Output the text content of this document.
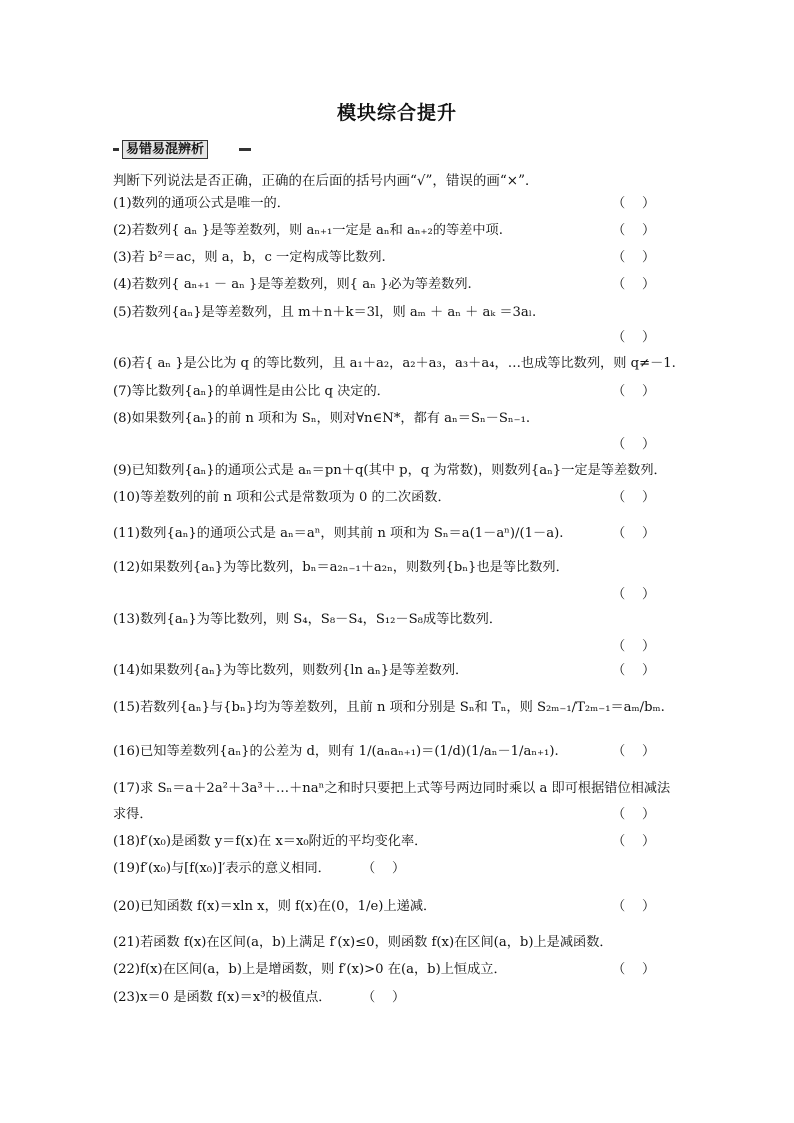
模块综合提升
易错易混辨析
判断下列说法是否正确，正确的在后面的括号内画“√”，错误的画“×”．
(1)数列的通项公式是唯一的．
(2)若数列{ aₙ }是等差数列，则 aₙ₊₁一定是 aₙ和 aₙ₊₂的等差中项.
(3)若 b²＝ac，则 a，b，c 一定构成等比数列.
(4)若数列{ aₙ₊₁ － aₙ }是等差数列，则{ aₙ }必为等差数列.
(5)若数列{aₙ}是等差数列，且 m＋n＋k＝3l，则 aₘ ＋ aₙ ＋ aₖ ＝3aₗ.
(6)若{ aₙ }是公比为 q 的等比数列，且 a₁＋a₂，a₂＋a₃，a₃＋a₄，…也成等比数列，则 q≠－1.
(7)等比数列{aₙ}的单调性是由公比 q 决定的．
(8)如果数列{aₙ}的前 n 项和为 Sₙ，则对∀n∈N*，都有 aₙ＝Sₙ－Sₙ₋₁.
(9)已知数列{aₙ}的通项公式是 aₙ＝pn＋q(其中 p，q 为常数)，则数列{aₙ}一定是等差数列．
(10)等差数列的前 n 项和公式是常数项为 0 的二次函数．
(11)数列{aₙ}的通项公式是 aₙ＝aⁿ，则其前 n 项和为 Sₙ＝a(1－aⁿ)/(1－a).
(12)如果数列{aₙ}为等比数列，bₙ＝a₂ₙ₋₁＋a₂ₙ，则数列{bₙ}也是等比数列．
(13)数列{aₙ}为等比数列，则 S₄，S₈－S₄，S₁₂－S₈成等比数列．
(14)如果数列{aₙ}为等比数列，则数列{ln aₙ}是等差数列．
(15)若数列{aₙ}与{bₙ}均为等差数列，且前 n 项和分别是 Sₙ和 Tₙ，则 S₂ₘ₋₁/T₂ₘ₋₁＝aₘ/bₘ.
(16)已知等差数列{aₙ}的公差为 d，则有 1/(aₙaₙ₊₁)＝(1/d)(1/aₙ－1/aₙ₊₁).
(17)求 Sₙ＝a＋2a²＋3a³＋…＋naⁿ之和时只要把上式等号两边同时乘以 a 即可根据错位相减法
求得．
(18)f′(x₀)是函数 y＝f(x)在 x＝x₀附近的平均变化率．
(19)f′(x₀)与[f(x₀)]′表示的意义相同．
(20)已知函数 f(x)＝xln x，则 f(x)在(0，1/e)上递减．
(21)若函数 f(x)在区间(a，b)上满足 f′(x)≤0，则函数 f(x)在区间(a，b)上是减函数．
(22)f(x)在区间(a，b)上是增函数，则 f′(x)>0 在(a，b)上恒成立．
(23)x＝0 是函数 f(x)＝x³的极值点．
（    ）
（    ）
（    ）
（    ）
（    ）
（    ）
（    ）
（    ）
（    ）
（    ）
（    ）
（    ）
（    ）
（    ）
（    ）
（    ）
（    ）
（    ）
（    ）
